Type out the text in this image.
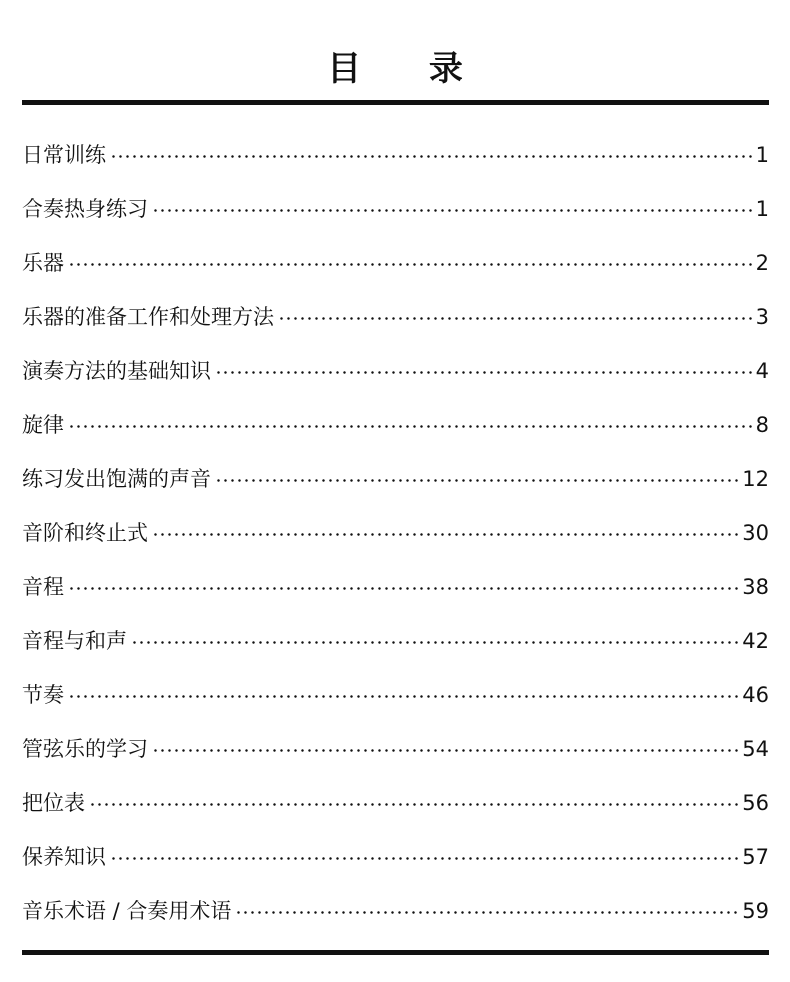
目 录
日常训练	1
合奏热身练习	1
乐器	2
乐器的准备工作和处理方法	3
演奏方法的基础知识	4
旋律	8
练习发出饱满的声音	12
音阶和终止式	30
音程	38
音程与和声	42
节奏	46
管弦乐的学习	54
把位表	56
保养知识	57
音乐术语 / 合奏用术语	59
